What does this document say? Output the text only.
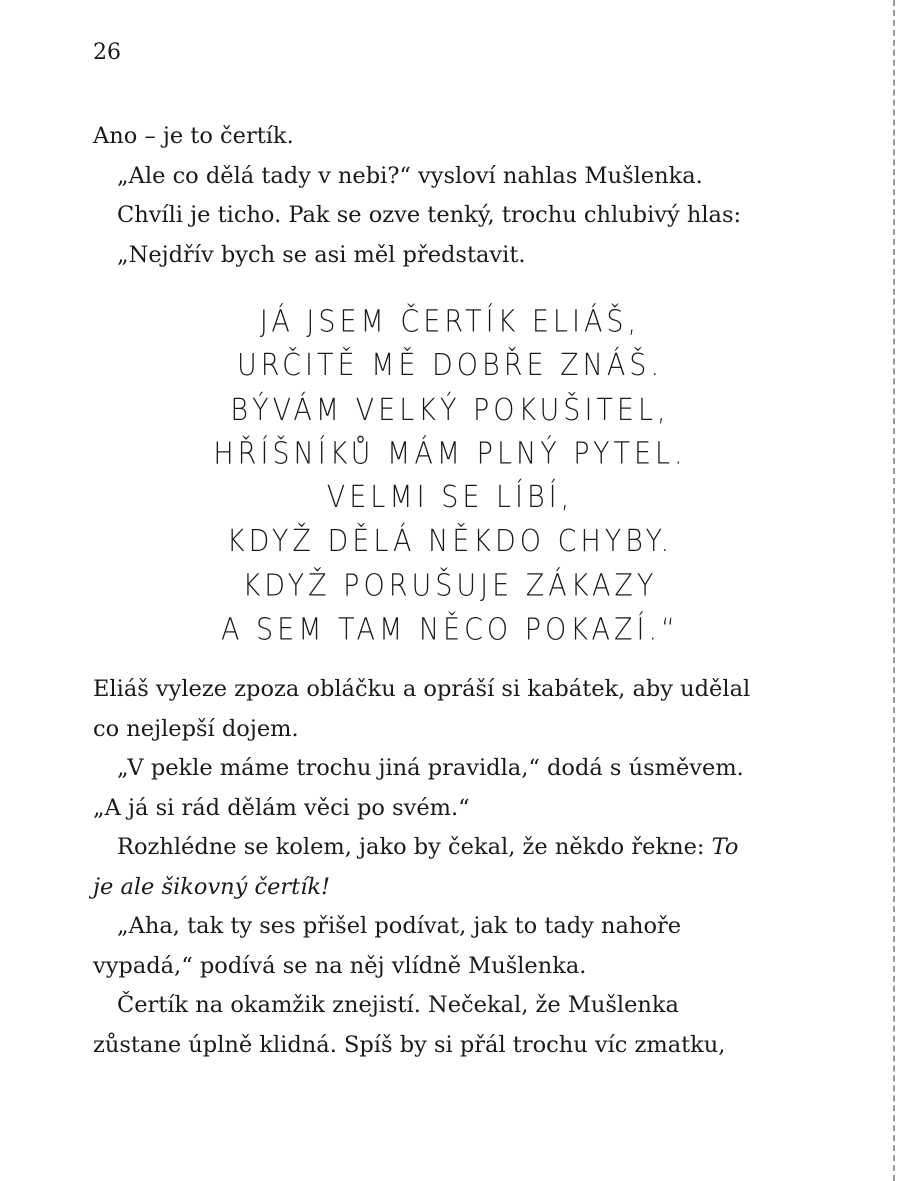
26
Ano – je to čertík.
„Ale co dělá tady v nebi?“ vysloví nahlas Mušlenka.
Chvíli je ticho. Pak se ozve tenký, trochu chlubivý hlas:
„Nejdřív bych se asi měl představit.
JÁ JSEM ČERTÍK ELIÁŠ,
URČITĚ MĚ DOBŘE ZNÁŠ.
BÝVÁM VELKÝ POKUŠITEL,
HŘÍŠNÍKŮ MÁM PLNÝ PYTEL.
VELMI SE LÍBÍ,
KDYŽ DĚLÁ NĚKDO CHYBY.
KDYŽ PORUŠUJE ZÁKAZY
A SEM TAM NĚCO POKAZÍ.“
Eliáš vyleze zpoza obláčku a opráší si kabátek, aby udělal
co nejlepší dojem.
„V pekle máme trochu jiná pravidla,“ dodá s úsměvem.
„A já si rád dělám věci po svém.“
Rozhlédne se kolem, jako by čekal, že někdo řekne: To
je ale šikovný čertík!
„Aha, tak ty ses přišel podívat, jak to tady nahoře
vypadá,“ podívá se na něj vlídně Mušlenka.
Čertík na okamžik znejistí. Nečekal, že Mušlenka
zůstane úplně klidná. Spíš by si přál trochu víc zmatku,
